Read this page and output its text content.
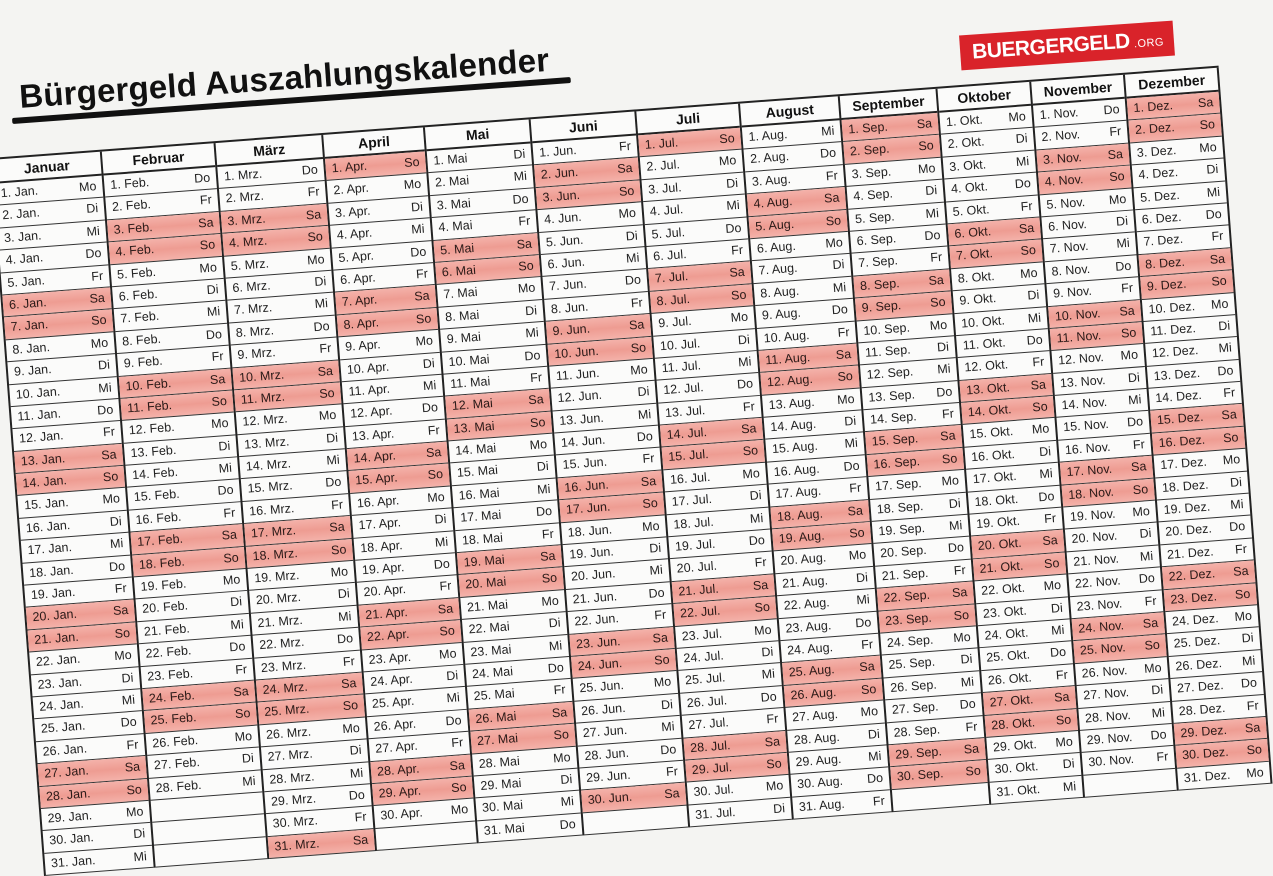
Bürgergeld Auszahlungskalender	BUERGERGELD .ORG
Januar
1. Jan.	Mo
2. Jan.	Di
3. Jan.	Mi
4. Jan.	Do
5. Jan.	Fr
6. Jan.	Sa
7. Jan.	So
8. Jan.	Mo
9. Jan.	Di
10. Jan.	Mi
11. Jan.	Do
12. Jan.	Fr
13. Jan.	Sa
14. Jan.	So
15. Jan.	Mo
16. Jan.	Di
17. Jan.	Mi
18. Jan.	Do
19. Jan.	Fr
20. Jan.	Sa
21. Jan.	So
22. Jan.	Mo
23. Jan.	Di
24. Jan.	Mi
25. Jan.	Do
26. Jan.	Fr
27. Jan.	Sa
28. Jan.	So
29. Jan.	Mo
30. Jan.	Di
31. Jan.	Mi
Februar
1. Feb.	Do
2. Feb.	Fr
3. Feb.	Sa
4. Feb.	So
5. Feb.	Mo
6. Feb.	Di
7. Feb.	Mi
8. Feb.	Do
9. Feb.	Fr
10. Feb.	Sa
11. Feb.	So
12. Feb.	Mo
13. Feb.	Di
14. Feb.	Mi
15. Feb.	Do
16. Feb.	Fr
17. Feb.	Sa
18. Feb.	So
19. Feb.	Mo
20. Feb.	Di
21. Feb.	Mi
22. Feb.	Do
23. Feb.	Fr
24. Feb.	Sa
25. Feb.	So
26. Feb.	Mo
27. Feb.	Di
28. Feb.	Mi
März
1. Mrz.	Do
2. Mrz.	Fr
3. Mrz.	Sa
4. Mrz.	So
5. Mrz.	Mo
6. Mrz.	Di
7. Mrz.	Mi
8. Mrz.	Do
9. Mrz.	Fr
10. Mrz.	Sa
11. Mrz.	So
12. Mrz. Mo
13. Mrz.	Di
14. Mrz.	Mi
15. Mrz.	Do
16. Mrz.	Fr
17. Mrz.	Sa
18. Mrz.	So
19. Mrz. Mo
20. Mrz.	Di
21. Mrz.	Mi
22. Mrz.	Do
23. Mrz.	Fr
24. Mrz.	Sa
25. Mrz.	So
26. Mrz. Mo
27. Mrz.	Di
28. Mrz.	Mi
29. Mrz.	Do
30. Mrz.	Fr
31. Mrz.	Sa
April
1. Apr.	So
2. Apr.	Mo
3. Apr.	Di
4. Apr.	Mi
5. Apr.	Do
6. Apr.	Fr
7. Apr.	Sa
8. Apr.	So
9. Apr.	Mo
10. Apr.	Di
11. Apr.	Mi
12. Apr. Do
13. Apr.	Fr
14. Apr. Sa
15. Apr. So
16. Apr. Mo
17. Apr.	Di
18. Apr. Mi
19. Apr. Do
20. Apr.	Fr
21. Apr. Sa
22. Apr. So
23. Apr. Mo
24. Apr.	Di
25. Apr. Mi
26. Apr. Do
27. Apr.	Fr
28. Apr. Sa
29. Apr. So
30. Apr. Mo
Mai
1. Mai	Di
2. Mai	Mi
3. Mai	Do
4. Mai	Fr
5. Mai	Sa
6. Mai	So
7. Mai	Mo
8. Mai	Di
9. Mai	Mi
10. Mai	Do
11. Mai	Fr
12. Mai	Sa
13. Mai	So
14. Mai	Mo
15. Mai	Di
16. Mai	Mi
17. Mai	Do
18. Mai	Fr
19. Mai	Sa
20. Mai	So
21. Mai	Mo
22. Mai	Di
23. Mai	Mi
24. Mai	Do
25. Mai	Fr
26. Mai	Sa
27. Mai	So
28. Mai	Mo
29. Mai	Di
30. Mai	Mi
31. Mai	Do
Juni
1. Jun.	Fr
2. Jun.	Sa
3. Jun.	So
4. Jun.	Mo
5. Jun.	Di
6. Jun.	Mi
7. Jun.	Do
8. Jun.	Fr
9. Jun.	Sa
10. Jun. So
11. Jun. Mo
12. Jun.	Di
13. Jun.	Mi
14. Jun. Do
15. Jun.	Fr
16. Jun. Sa
17. Jun. So
18. Jun. Mo
19. Jun.	Di
20. Jun.	Mi
21. Jun. Do
22. Jun.	Fr
23. Jun. Sa
24. Jun. So
25. Jun. Mo
26. Jun.	Di
27. Jun.	Mi
28. Jun. Do
29. Jun.	Fr
30. Jun. Sa
Juli
1. Jul.	So
2. Jul.	Mo
3. Jul.	Di
4. Jul.	Mi
5. Jul.	Do
6. Jul.	Fr
7. Jul.	Sa
8. Jul.	So
9. Jul.	Mo
10. Jul.	Di
11. Jul.	Mi
12. Jul.	Do
13. Jul.	Fr
14. Jul.	Sa
15. Jul.	So
16. Jul. Mo
17. Jul.	Di
18. Jul.	Mi
19. Jul.	Do
20. Jul.	Fr
21. Jul.	Sa
22. Jul.	So
23. Jul. Mo
24. Jul.	Di
25. Jul.	Mi
26. Jul.	Do
27. Jul.	Fr
28. Jul.	Sa
29. Jul.	So
30. Jul. Mo
31. Jul.	Di
August
1. Aug.	Mi
2. Aug. Do
3. Aug.	Fr
4. Aug. Sa
5. Aug. So
6. Aug. Mo
7. Aug.	Di
8. Aug.	Mi
9. Aug. Do
10. Aug. Fr
11. Aug. Sa
12. Aug. So
13. Aug. Mo
14. Aug. Di
15. Aug. Mi
16. Aug. Do
17. Aug. Fr
18. Aug. Sa
19. Aug. So
20. Aug. Mo
21. Aug. Di
22. Aug. Mi
23. Aug. Do
24. Aug. Fr
25. Aug. Sa
26. Aug. So
27. Aug. Mo
28. Aug. Di
29. Aug. Mi
30. Aug. Do
31. Aug. Fr
September
1. Sep. Sa
2. Sep. So
3. Sep. Mo
4. Sep.	Di
5. Sep. Mi
6. Sep. Do
7. Sep.	Fr
8. Sep. Sa
9. Sep. So
10. Sep. Mo
11. Sep. Di
12. Sep. Mi
13. Sep. Do
14. Sep. Fr
15. Sep. Sa
16. Sep. So
17. Sep. Mo
18. Sep. Di
19. Sep. Mi
20. Sep. Do
21. Sep. Fr
22. Sep. Sa
23. Sep. So
24. Sep. Mo
25. Sep. Di
26. Sep. Mi
27. Sep. Do
28. Sep. Fr
29. Sep. Sa
30. Sep. So
Oktober
1. Okt. Mo
2. Okt. Di
3. Okt. Mi
4. Okt. Do
5. Okt. Fr
6. Okt. Sa
7. Okt. So
8. Okt. Mo
9. Okt. Di
10. Okt. Mi
11. Okt. Do
12. Okt. Fr
13. Okt. Sa
14. Okt. So
15. Okt. Mo
16. Okt. Di
17. Okt. Mi
18. Okt. Do
19. Okt. Fr
20. Okt. Sa
21. Okt. So
22. Okt. Mo
23. Okt. Di
24. Okt. Mi
25. Okt. Do
26. Okt. Fr
27. Okt. Sa
28. Okt. So
29. Okt. Mo
30. Okt. Di
31. Okt. Mi
November
1. Nov. Do
2. Nov. Fr
3. Nov. Sa
4. Nov. So
5. Nov. Mo
6. Nov. Di
7. Nov. Mi
8. Nov. Do
9. Nov. Fr
10. Nov. Sa
11. Nov. So
12. Nov. Mo
13. Nov. Di
14. Nov. Mi
15. Nov. Do
16. Nov. Fr
17. Nov. Sa
18. Nov. So
19. Nov. Mo
20. Nov. Di
21. Nov. Mi
22. Nov. Do
23. Nov. Fr
24. Nov. Sa
25. Nov. So
26. Nov. Mo
27. Nov. Di
28. Nov. Mi
29. Nov. Do
30. Nov. Fr
Dezember
1. Dez. Sa
2. Dez. So
3. Dez. Mo
4. Dez. Di
5. Dez. Mi
6. Dez. Do
7. Dez. Fr
8. Dez. Sa
9. Dez. So
10. Dez. Mo
11. Dez. Di
12. Dez. Mi
13. Dez. Do
14. Dez. Fr
15. Dez. Sa
16. Dez. So
17. Dez. Mo
18. Dez. Di
19. Dez. Mi
20. Dez. Do
21. Dez. Fr
22. Dez. Sa
23. Dez. So
24. Dez. Mo
25. Dez. Di
26. Dez. Mi
27. Dez. Do
28. Dez. Fr
29. Dez. Sa
30. Dez. So
31. Dez. Mo
